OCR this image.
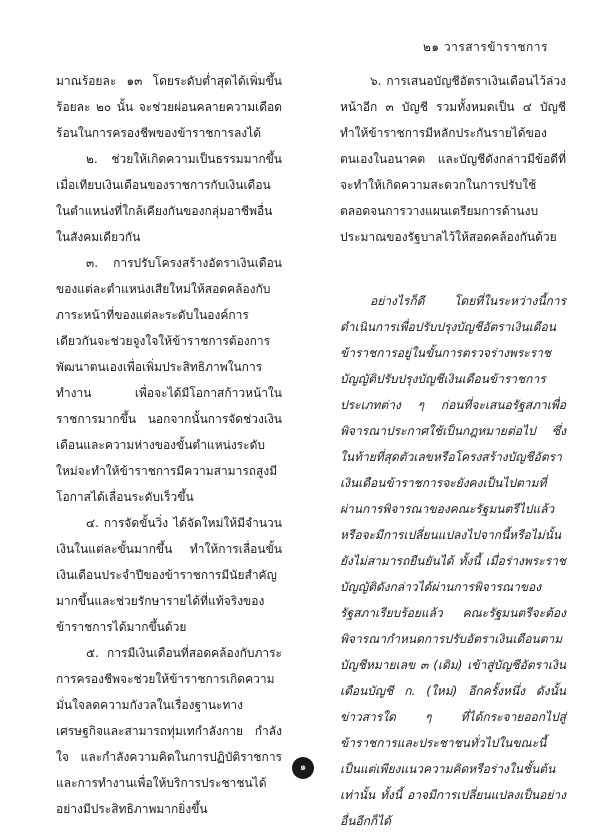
๒๑ วารสารข้าราชการ

มาณร้อยละ ๑๓ โดยระดับต่ำสุดได้เพิ่มขึ้นร้อยละ ๒๐ นั้น จะช่วยผ่อนคลายความเดือดร้อนในการครองชีพของข้าราชการลงได้

๒. ช่วยให้เกิดความเป็นธรรมมากขึ้นเมื่อเทียบเงินเดือนของราชการกับเงินเดือนในตำแหน่งที่ใกล้เคียงกันของกลุ่มอาชีพอื่นในสังคมเดียวกัน

๓. การปรับโครงสร้างอัตราเงินเดือนของแต่ละตำแหน่งเสียใหม่ให้สอดคล้องกับภาระหน้าที่ของแต่ละระดับในองค์การเดียวกันจะช่วยจูงใจให้ข้าราชการต้องการพัฒนาตนเองเพื่อเพิ่มประสิทธิภาพในการทำงาน เพื่อจะได้มีโอกาสก้าวหน้าในราชการมากขึ้น นอกจากนั้นการจัดช่วงเงินเดือนและความห่างของขั้นตำแหน่งระดับใหม่จะทำให้ข้าราชการมีความสามารถสูงมีโอกาสได้เลื่อนระดับเร็วขึ้น

๔. การจัดขั้นวิ่ง ได้จัดใหม่ให้มีจำนวนเงินในแต่ละขั้นมากขึ้น ทำให้การเลื่อนขั้นเงินเดือนประจำปีของข้าราชการมีนัยสำคัญมากขึ้นและช่วยรักษารายได้ที่แท้จริงของข้าราชการได้มากขึ้นด้วย

๕. การมีเงินเดือนที่สอดคล้องกับภาระการครองชีพจะช่วยให้ข้าราชการเกิดความมั่นใจลดความกังวลในเรื่องฐานะทางเศรษฐกิจและสามารถทุ่มเทกำลังกาย กำลังใจ และกำลังความคิดในการปฏิบัติราชการและการทำงานเพื่อให้บริการประชาชนได้อย่างมีประสิทธิภาพมากยิ่งขึ้น

๖. การเสนอบัญชีอัตราเงินเดือนไว้ล่วงหน้าอีก ๓ บัญชี รวมทั้งหมดเป็น ๔ บัญชี ทำให้ข้าราชการมีหลักประกันรายได้ของตนเองในอนาคต และบัญชีดังกล่าวมีข้อดีที่จะทำให้เกิดความสะดวกในการปรับใช้ ตลอดจนการวางแผนเตรียมการด้านงบประมาณของรัฐบาลไว้ให้สอดคล้องกันด้วย

อย่างไรก็ดี โดยที่ในระหว่างนี้การดำเนินการเพื่อปรับปรุงบัญชีอัตราเงินเดือนข้าราชการอยู่ในขั้นการตรวจร่างพระราชบัญญัติปรับปรุงบัญชีเงินเดือนข้าราชการประเภทต่าง ๆ ก่อนที่จะเสนอรัฐสภาเพื่อพิจารณาประกาศใช้เป็นกฎหมายต่อไป ซึ่งในท้ายที่สุดตัวเลขหรือโครงสร้างบัญชีอัตราเงินเดือนข้าราชการจะยังคงเป็นไปตามที่ผ่านการพิจารณาของคณะรัฐมนตรีไปแล้ว หรือจะมีการเปลี่ยนแปลงไปจากนี้หรือไม่นั้น ยังไม่สามารถยืนยันได้ ทั้งนี้ เมื่อร่างพระราชบัญญัติดังกล่าวได้ผ่านการพิจารณาของรัฐสภาเรียบร้อยแล้ว คณะรัฐมนตรีจะต้องพิจารณากำหนดการปรับอัตราเงินเดือนตามบัญชีหมายเลข ๓ (เดิม) เข้าสู่บัญชีอัตราเงินเดือนบัญชี ก. (ใหม่) อีกครั้งหนึ่ง ดังนั้นข่าวสารใด ๆ ที่ได้กระจายออกไปสู่ข้าราชการและประชาชนทั่วไปในขณะนี้ เป็นแต่เพียงแนวความคิดหรือร่างในชั้นต้นเท่านั้น ทั้งนี้ อาจมีการเปลี่ยนแปลงเป็นอย่างอื่นอีกก็ได้

๑
